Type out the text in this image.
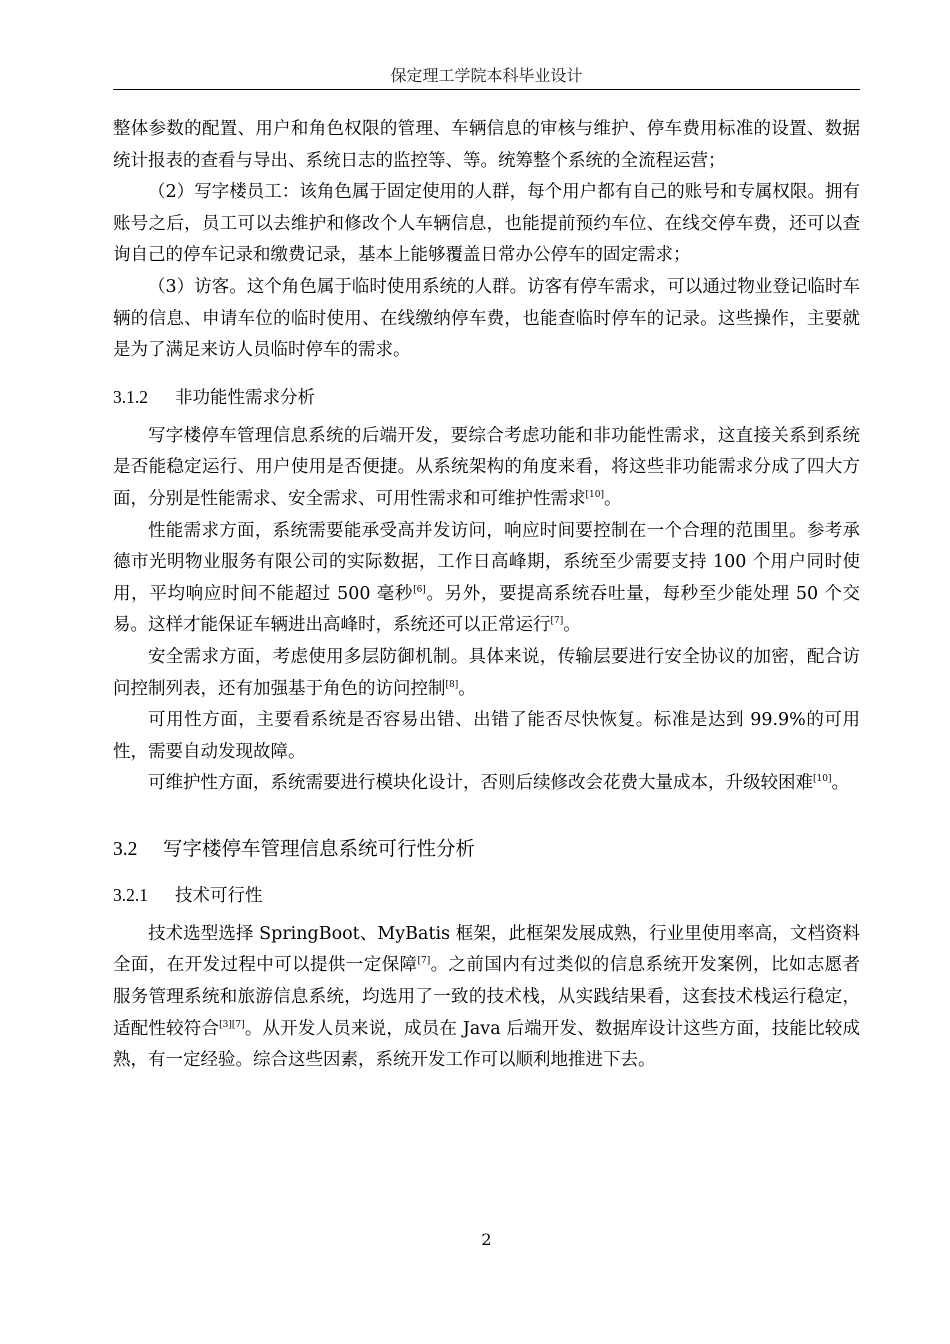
保定理工学院本科毕业设计

整体参数的配置、用户和角色权限的管理、车辆信息的审核与维护、停车费用标准的设置、数据统计报表的查看与导出、系统日志的监控等、等。统筹整个系统的全流程运营；

（2）写字楼员工：该角色属于固定使用的人群，每个用户都有自己的账号和专属权限。拥有账号之后，员工可以去维护和修改个人车辆信息，也能提前预约车位、在线交停车费，还可以查询自己的停车记录和缴费记录，基本上能够覆盖日常办公停车的固定需求；

（3）访客。这个角色属于临时使用系统的人群。访客有停车需求，可以通过物业登记临时车辆的信息、申请车位的临时使用、在线缴纳停车费，也能查临时停车的记录。这些操作，主要就是为了满足来访人员临时停车的需求。

3.1.2 非功能性需求分析

写字楼停车管理信息系统的后端开发，要综合考虑功能和非功能性需求，这直接关系到系统是否能稳定运行、用户使用是否便捷。从系统架构的角度来看，将这些非功能需求分成了四大方面，分别是性能需求、安全需求、可用性需求和可维护性需求[10]。

性能需求方面，系统需要能承受高并发访问，响应时间要控制在一个合理的范围里。参考承德市光明物业服务有限公司的实际数据，工作日高峰期，系统至少需要支持 100 个用户同时使用，平均响应时间不能超过 500 毫秒[6]。另外，要提高系统吞吐量，每秒至少能处理 50 个交易。这样才能保证车辆进出高峰时，系统还可以正常运行[7]。

安全需求方面，考虑使用多层防御机制。具体来说，传输层要进行安全协议的加密，配合访问控制列表，还有加强基于角色的访问控制[8]。

可用性方面，主要看系统是否容易出错、出错了能否尽快恢复。标准是达到 99.9%的可用性，需要自动发现故障。

可维护性方面，系统需要进行模块化设计，否则后续修改会花费大量成本，升级较困难[10]。

3.2 写字楼停车管理信息系统可行性分析
3.2.1 技术可行性

技术选型选择 SpringBoot、MyBatis 框架，此框架发展成熟，行业里使用率高，文档资料全面，在开发过程中可以提供一定保障[7]。之前国内有过类似的信息系统开发案例，比如志愿者服务管理系统和旅游信息系统，均选用了一致的技术栈，从实践结果看，这套技术栈运行稳定，适配性较符合[3][7]。从开发人员来说，成员在 Java 后端开发、数据库设计这些方面，技能比较成熟，有一定经验。综合这些因素，系统开发工作可以顺利地推进下去。

2
